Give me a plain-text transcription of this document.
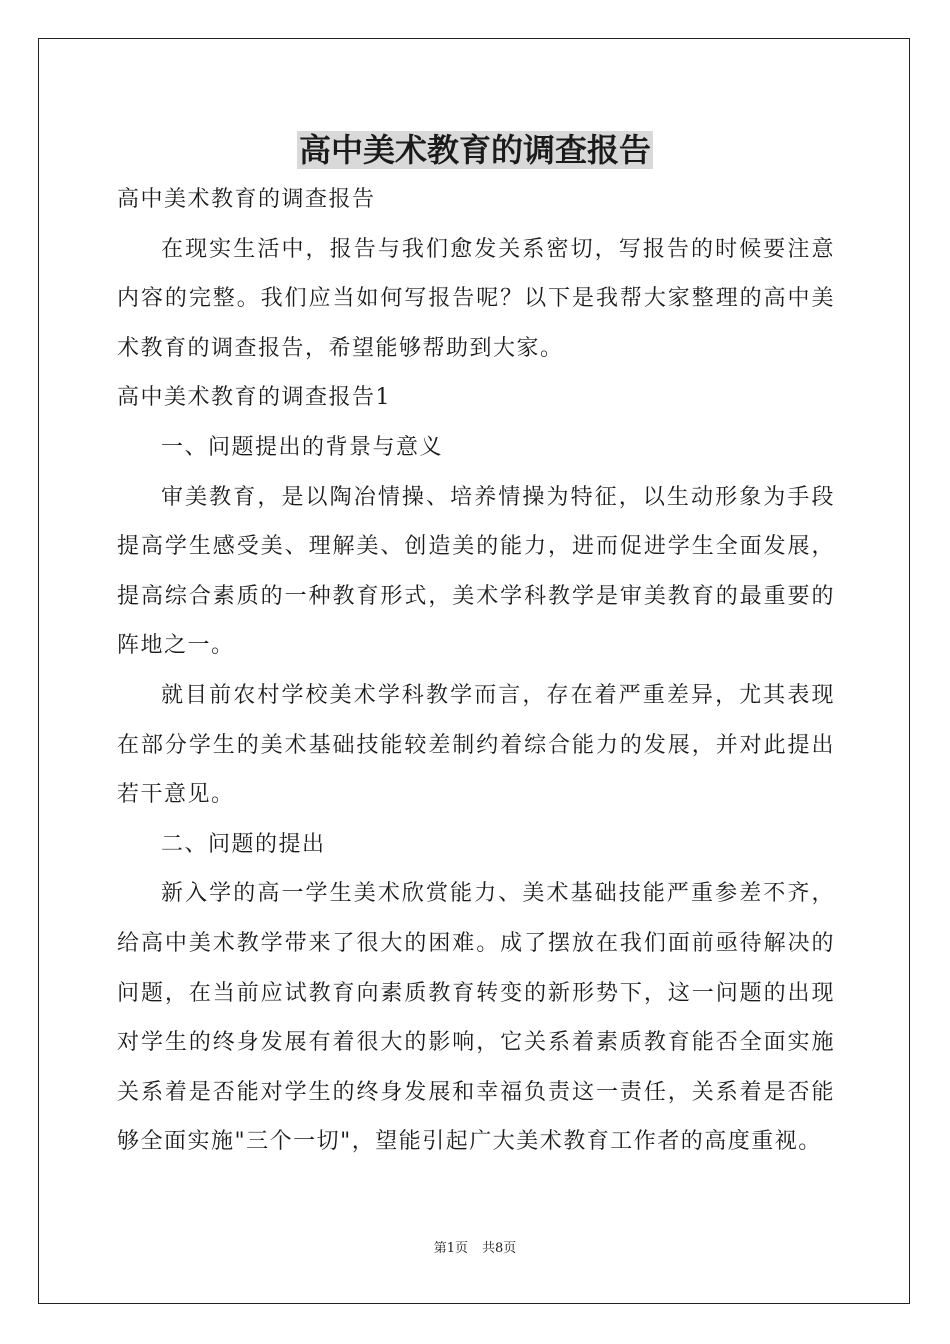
高中美术教育的调查报告

高中美术教育的调查报告

在现实生活中，报告与我们愈发关系密切，写报告的时候要注意内容的完整。我们应当如何写报告呢？以下是我帮大家整理的高中美术教育的调查报告，希望能够帮助到大家。

高中美术教育的调查报告1

一、问题提出的背景与意义

审美教育，是以陶冶情操、培养情操为特征，以生动形象为手段提高学生感受美、理解美、创造美的能力，进而促进学生全面发展，提高综合素质的一种教育形式，美术学科教学是审美教育的最重要的阵地之一。

就目前农村学校美术学科教学而言，存在着严重差异，尤其表现在部分学生的美术基础技能较差制约着综合能力的发展，并对此提出若干意见。

二、问题的提出

新入学的高一学生美术欣赏能力、美术基础技能严重参差不齐，给高中美术教学带来了很大的困难。成了摆放在我们面前亟待解决的问题，在当前应试教育向素质教育转变的新形势下，这一问题的出现对学生的终身发展有着很大的影响，它关系着素质教育能否全面实施关系着是否能对学生的终身发展和幸福负责这一责任，关系着是否能够全面实施"三个一切"，望能引起广大美术教育工作者的高度重视。

第1页 共8页
